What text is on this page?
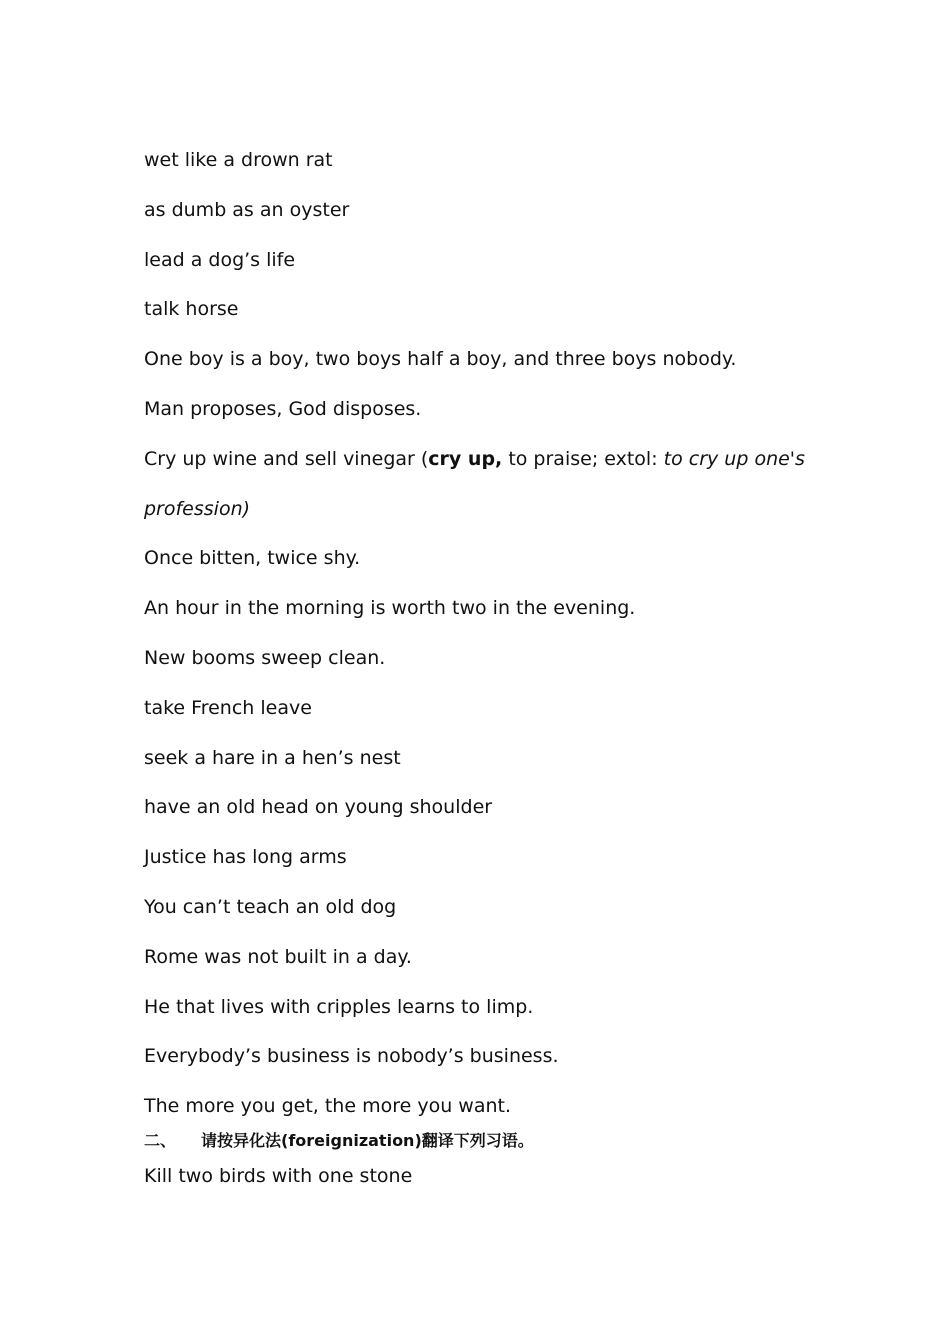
wet like a drown rat
as dumb as an oyster
lead a dog’s life
talk horse
One boy is a boy, two boys half a boy, and three boys nobody.
Man proposes, God disposes.
Cry up wine and sell vinegar (cry up, to praise; extol: to cry up one's profession)
Once bitten, twice shy.
An hour in the morning is worth two in the evening.
New booms sweep clean.
take French leave
seek a hare in a hen’s nest
have an old head on young shoulder
Justice has long arms
You can’t teach an old dog
Rome was not built in a day.
He that lives with cripples learns to limp.
Everybody’s business is nobody’s business.
The more you get, the more you want.
二、 请按异化法(foreignization)翻译下列习语。
Kill two birds with one stone
